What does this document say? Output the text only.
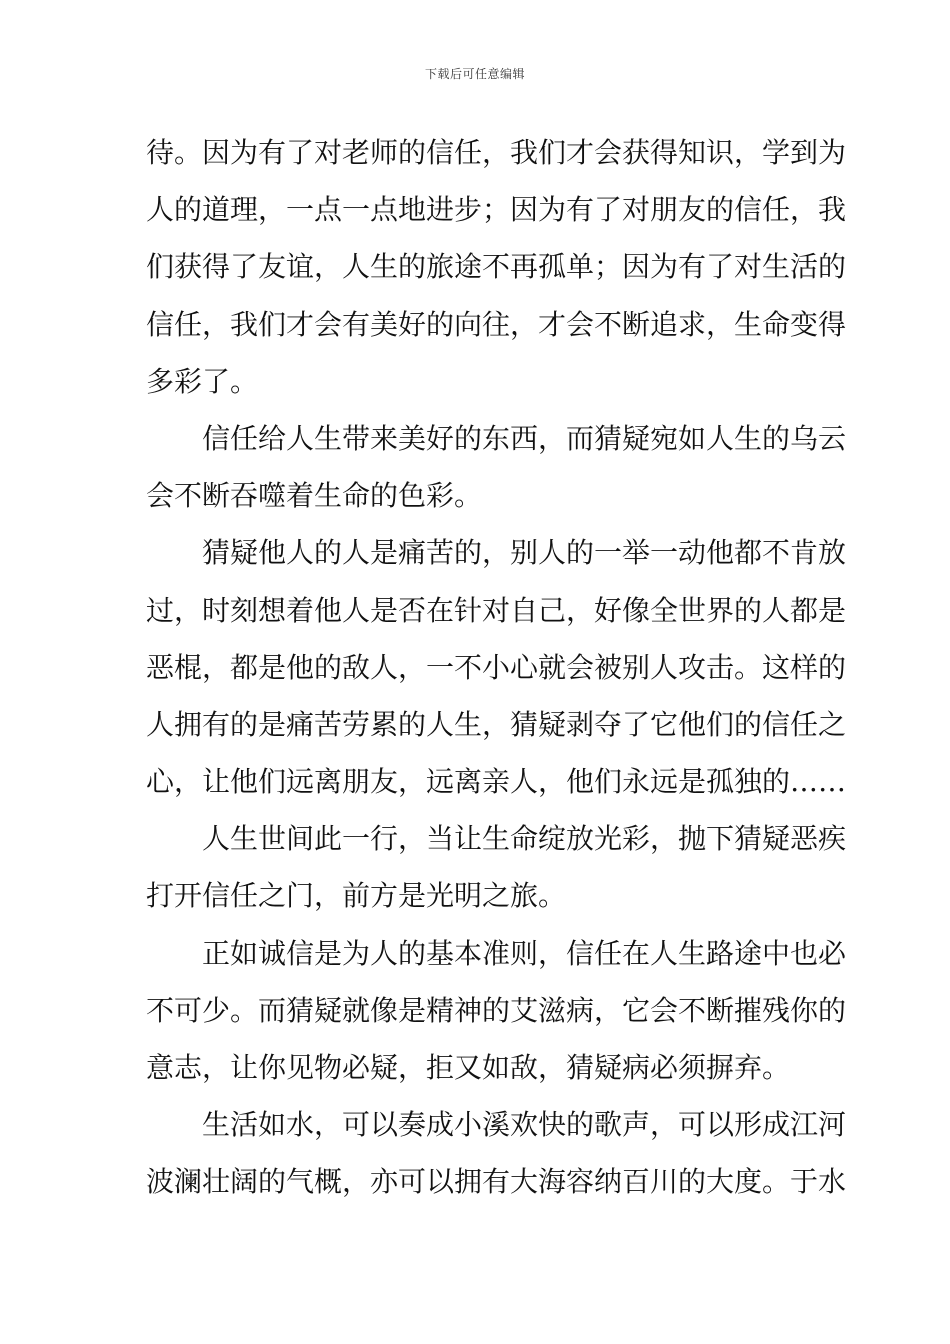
下载后可任意编辑
待。因为有了对老师的信任，我们才会获得知识，学到为
人的道理，一点一点地进步；因为有了对朋友的信任，我
们获得了友谊，人生的旅途不再孤单；因为有了对生活的
信任，我们才会有美好的向往，才会不断追求，生命变得
多彩了。
信任给人生带来美好的东西，而猜疑宛如人生的乌云
会不断吞噬着生命的色彩。
猜疑他人的人是痛苦的，别人的一举一动他都不肯放
过，时刻想着他人是否在针对自己，好像全世界的人都是
恶棍，都是他的敌人，一不小心就会被别人攻击。这样的
人拥有的是痛苦劳累的人生，猜疑剥夺了它他们的信任之
心，让他们远离朋友，远离亲人，他们永远是孤独的……
人生世间此一行，当让生命绽放光彩，抛下猜疑恶疾
打开信任之门，前方是光明之旅。
正如诚信是为人的基本准则，信任在人生路途中也必
不可少。而猜疑就像是精神的艾滋病，它会不断摧残你的
意志，让你见物必疑，拒又如敌，猜疑病必须摒弃。
生活如水，可以奏成小溪欢快的歌声，可以形成江河
波澜壮阔的气概，亦可以拥有大海容纳百川的大度。于水
